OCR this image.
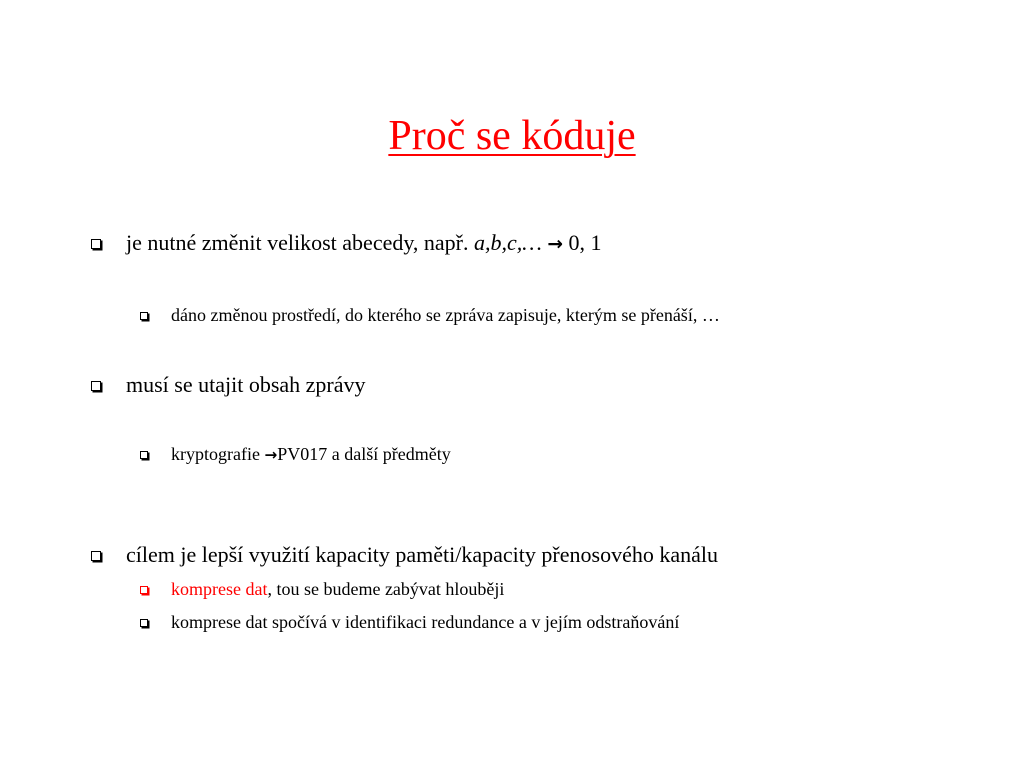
Proč se kóduje
je nutné změnit velikost abecedy, např. a,b,c,… → 0, 1
dáno změnou prostředí, do kterého se zpráva zapisuje, kterým se přenáší, …
musí se utajit obsah zprávy
kryptografie →PV017 a další předměty
cílem je lepší využití kapacity paměti/kapacity přenosového kanálu
komprese dat, tou se budeme zabývat hlouběji
komprese dat spočívá v identifikaci redundance a v jejím odstraňování
